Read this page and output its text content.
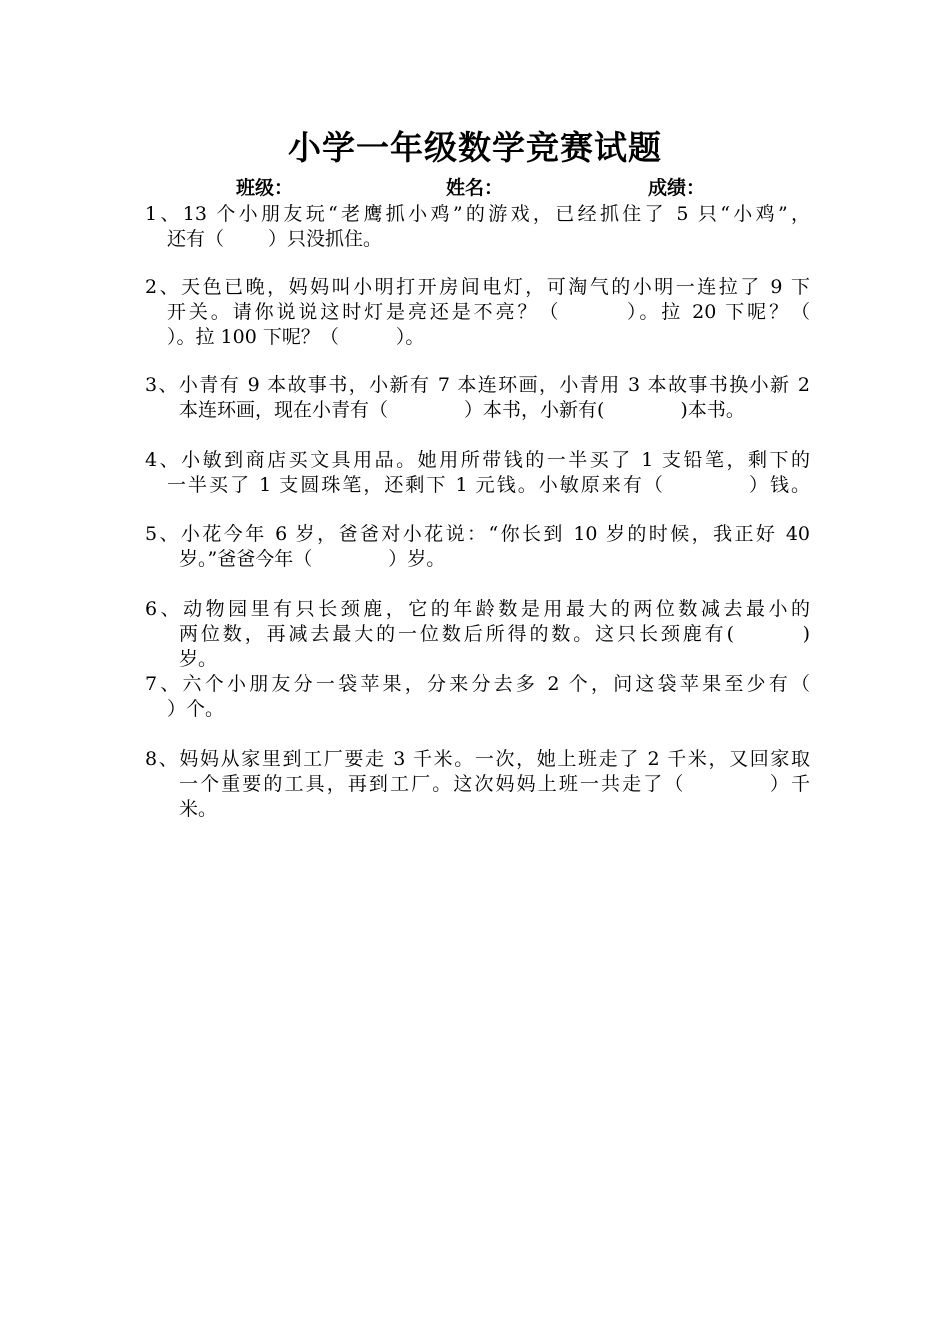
小学一年级数学竞赛试题
班级：	姓名：	成绩：
1、13 个小朋友玩“老鹰抓小鸡”的游戏，已经抓住了 5 只“小鸡”，
还有（　　 ）只没抓住。
2、天色已晚，妈妈叫小明打开房间电灯，可淘气的小明一连拉了 9 下
开关。请你说说这时灯是亮还是不亮？（　　　）。拉 20 下呢？（
）。拉 100 下呢？（　　　）。
3、小青有 9 本故事书，小新有 7 本连环画，小青用 3 本故事书换小新 2
本连环画，现在小青有（　　　　）本书，小新有(　　　　)本书。
4、小敏到商店买文具用品。她用所带钱的一半买了 1 支铅笔，剩下的
一半买了 1 支圆珠笔，还剩下 1 元钱。小敏原来有（　　　　）钱。
5、小花今年 6 岁，爸爸对小花说：“你长到 10 岁的时候，我正好 40
岁。”爸爸今年（　　　　）岁。
6、动物园里有只长颈鹿，它的年龄数是用最大的两位数减去最小的
两位数，再减去最大的一位数后所得的数。这只长颈鹿有(　　　)
岁。
7、六个小朋友分一袋苹果，分来分去多 2 个，问这袋苹果至少有（
）个。
8、妈妈从家里到工厂要走 3 千米。一次，她上班走了 2 千米，又回家取
一个重要的工具，再到工厂。这次妈妈上班一共走了（　　　　）千
米。
